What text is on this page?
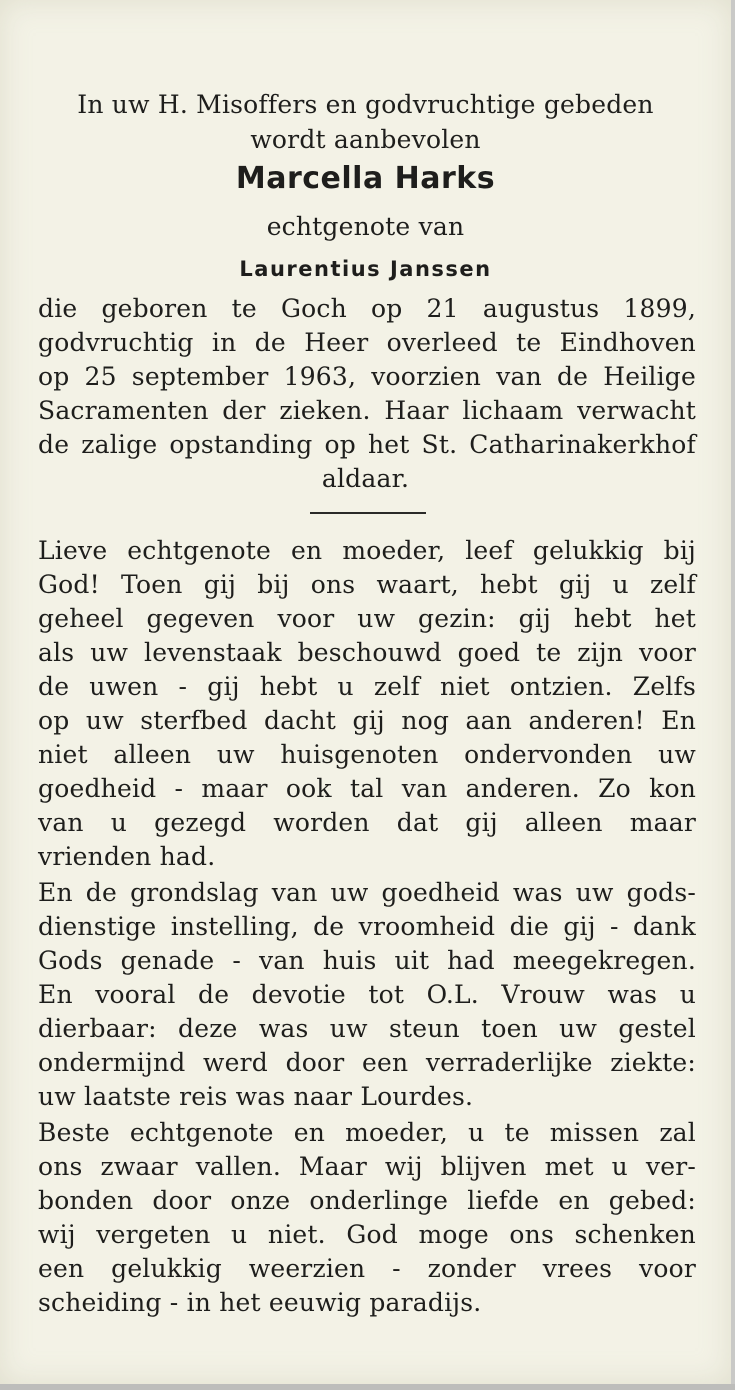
In uw H. Misoffers en godvruchtige gebeden
wordt aanbevolen
Marcella Harks
echtgenote van
Laurentius Janssen
die geboren te Goch op 21 augustus 1899,
godvruchtig in de Heer overleed te Eindhoven
op 25 september 1963, voorzien van de Heilige
Sacramenten der zieken. Haar lichaam verwacht
de zalige opstanding op het St. Catharinakerkhof
aldaar.
Lieve echtgenote en moeder, leef gelukkig bij
God! Toen gij bij ons waart, hebt gij u zelf
geheel gegeven voor uw gezin: gij hebt het
als uw levenstaak beschouwd goed te zijn voor
de uwen - gij hebt u zelf niet ontzien. Zelfs
op uw sterfbed dacht gij nog aan anderen! En
niet alleen uw huisgenoten ondervonden uw
goedheid - maar ook tal van anderen. Zo kon
van u gezegd worden dat gij alleen maar
vrienden had.
En de grondslag van uw goedheid was uw gods-
dienstige instelling, de vroomheid die gij - dank
Gods genade - van huis uit had meegekregen.
En vooral de devotie tot O.L. Vrouw was u
dierbaar: deze was uw steun toen uw gestel
ondermijnd werd door een verraderlijke ziekte:
uw laatste reis was naar Lourdes.
Beste echtgenote en moeder, u te missen zal
ons zwaar vallen. Maar wij blijven met u ver-
bonden door onze onderlinge liefde en gebed:
wij vergeten u niet. God moge ons schenken
een gelukkig weerzien - zonder vrees voor
scheiding - in het eeuwig paradijs.
